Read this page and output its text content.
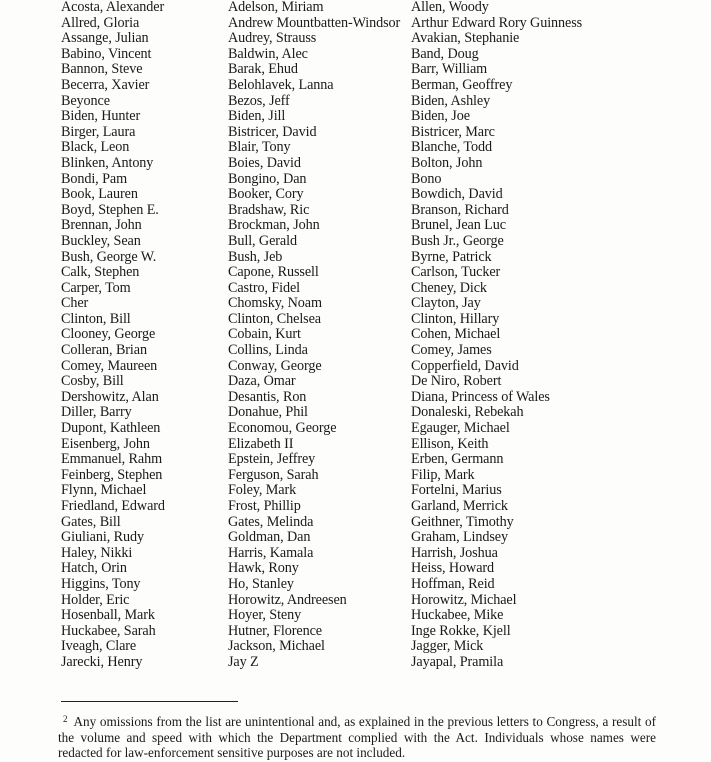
Acosta, Alexander
Allred, Gloria
Assange, Julian
Babino, Vincent
Bannon, Steve
Becerra, Xavier
Beyonce
Biden, Hunter
Birger, Laura
Black, Leon
Blinken, Antony
Bondi, Pam
Book, Lauren
Boyd, Stephen E.
Brennan, John
Buckley, Sean
Bush, George W.
Calk, Stephen
Carper, Tom
Cher
Clinton, Bill
Clooney, George
Colleran, Brian
Comey, Maureen
Cosby, Bill
Dershowitz, Alan
Diller, Barry
Dupont, Kathleen
Eisenberg, John
Emmanuel, Rahm
Feinberg, Stephen
Flynn, Michael
Friedland, Edward
Gates, Bill
Giuliani, Rudy
Haley, Nikki
Hatch, Orin
Higgins, Tony
Holder, Eric
Hosenball, Mark
Huckabee, Sarah
Iveagh, Clare
Jarecki, Henry
Adelson, Miriam
Andrew Mountbatten-Windsor
Audrey, Strauss
Baldwin, Alec
Barak, Ehud
Belohlavek, Lanna
Bezos, Jeff
Biden, Jill
Bistricer, David
Blair, Tony
Boies, David
Bongino, Dan
Booker, Cory
Bradshaw, Ric
Brockman, John
Bull, Gerald
Bush, Jeb
Capone, Russell
Castro, Fidel
Chomsky, Noam
Clinton, Chelsea
Cobain, Kurt
Collins, Linda
Conway, George
Daza, Omar
Desantis, Ron
Donahue, Phil
Economou, George
Elizabeth II
Epstein, Jeffrey
Ferguson, Sarah
Foley, Mark
Frost, Phillip
Gates, Melinda
Goldman, Dan
Harris, Kamala
Hawk, Rony
Ho, Stanley
Horowitz, Andreesen
Hoyer, Steny
Hutner, Florence
Jackson, Michael
Jay Z
Allen, Woody
Arthur Edward Rory Guinness
Avakian, Stephanie
Band, Doug
Barr, William
Berman, Geoffrey
Biden, Ashley
Biden, Joe
Bistricer, Marc
Blanche, Todd
Bolton, John
Bono
Bowdich, David
Branson, Richard
Brunel, Jean Luc
Bush Jr., George
Byrne, Patrick
Carlson, Tucker
Cheney, Dick
Clayton, Jay
Clinton, Hillary
Cohen, Michael
Comey, James
Copperfield, David
De Niro, Robert
Diana, Princess of Wales
Donaleski, Rebekah
Egauger, Michael
Ellison, Keith
Erben, Germann
Filip, Mark
Fortelni, Marius
Garland, Merrick
Geithner, Timothy
Graham, Lindsey
Harrish, Joshua
Heiss, Howard
Hoffman, Reid
Horowitz, Michael
Huckabee, Mike
Inge Rokke, Kjell
Jagger, Mick
Jayapal, Pramila

$^2$ Any omissions from the list are unintentional and, as explained in the previous letters to Congress, a result of the volume and speed with which the Department complied with the Act. Individuals whose names were redacted for law-enforcement sensitive purposes are not included.
